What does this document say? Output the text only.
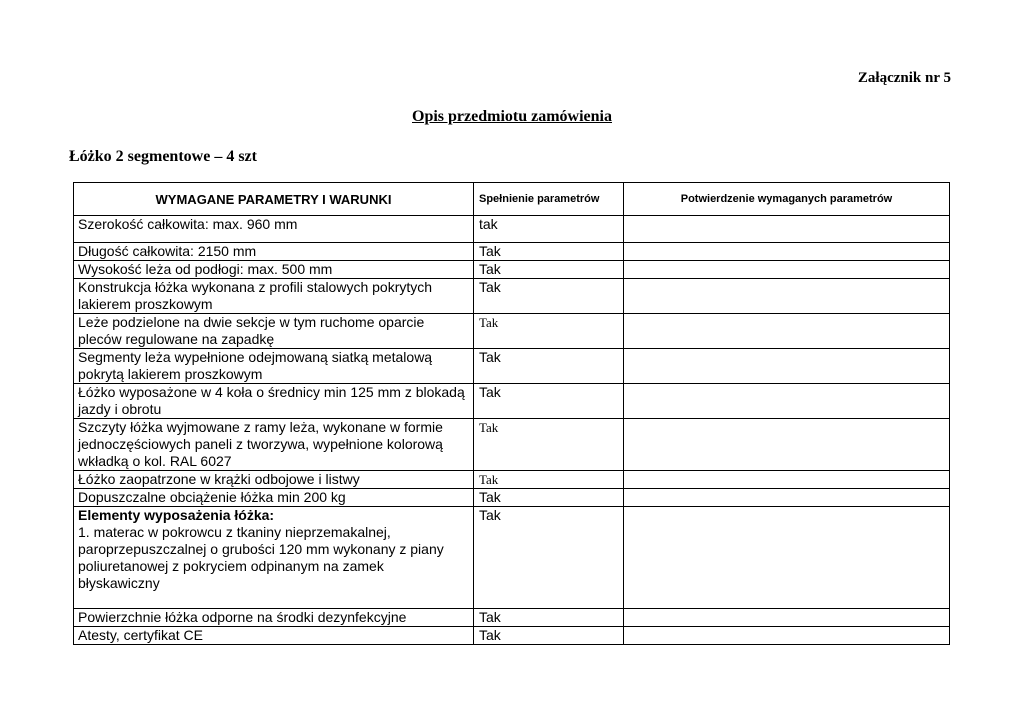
Załącznik nr 5
Opis przedmiotu zamówienia
Łóżko 2 segmentowe – 4 szt
WYMAGANE PARAMETRY I WARUNKI	Spełnienie parametrów	Potwierdzenie wymaganych parametrów
Szerokość całkowita: max. 960 mm	tak	
Długość całkowita: 2150 mm	Tak	
Wysokość leża od podłogi: max. 500 mm	Tak	
Konstrukcja łóżka wykonana z profili stalowych pokrytych lakierem proszkowym	Tak	
Leże podzielone na dwie sekcje w tym ruchome oparcie pleców regulowane na zapadkę	Tak	
Segmenty leża wypełnione odejmowaną siatką metalową pokrytą lakierem proszkowym	Tak	
Łóżko wyposażone w 4 koła o średnicy min 125 mm z blokadą jazdy i obrotu	Tak	
Szczyty łóżka wyjmowane z ramy leża, wykonane w formie jednoczęściowych paneli z tworzywa, wypełnione kolorową wkładką o kol. RAL 6027	Tak	
Łóżko zaopatrzone w krążki odbojowe i listwy	Tak	
Dopuszczalne obciążenie łóżka min 200 kg	Tak	

Elementy wyposażenia łóżka:
1. materac w pokrowcu z tkaniny nieprzemakalnej, paroprzepuszczalnej o grubości 120 mm wykonany z piany poliuretanowej z pokryciem odpinanym na zamek błyskawiczny	Tak	
Powierzchnie łóżka odporne na środki dezynfekcyjne	Tak	
Atesty, certyfikat CE	Tak	
